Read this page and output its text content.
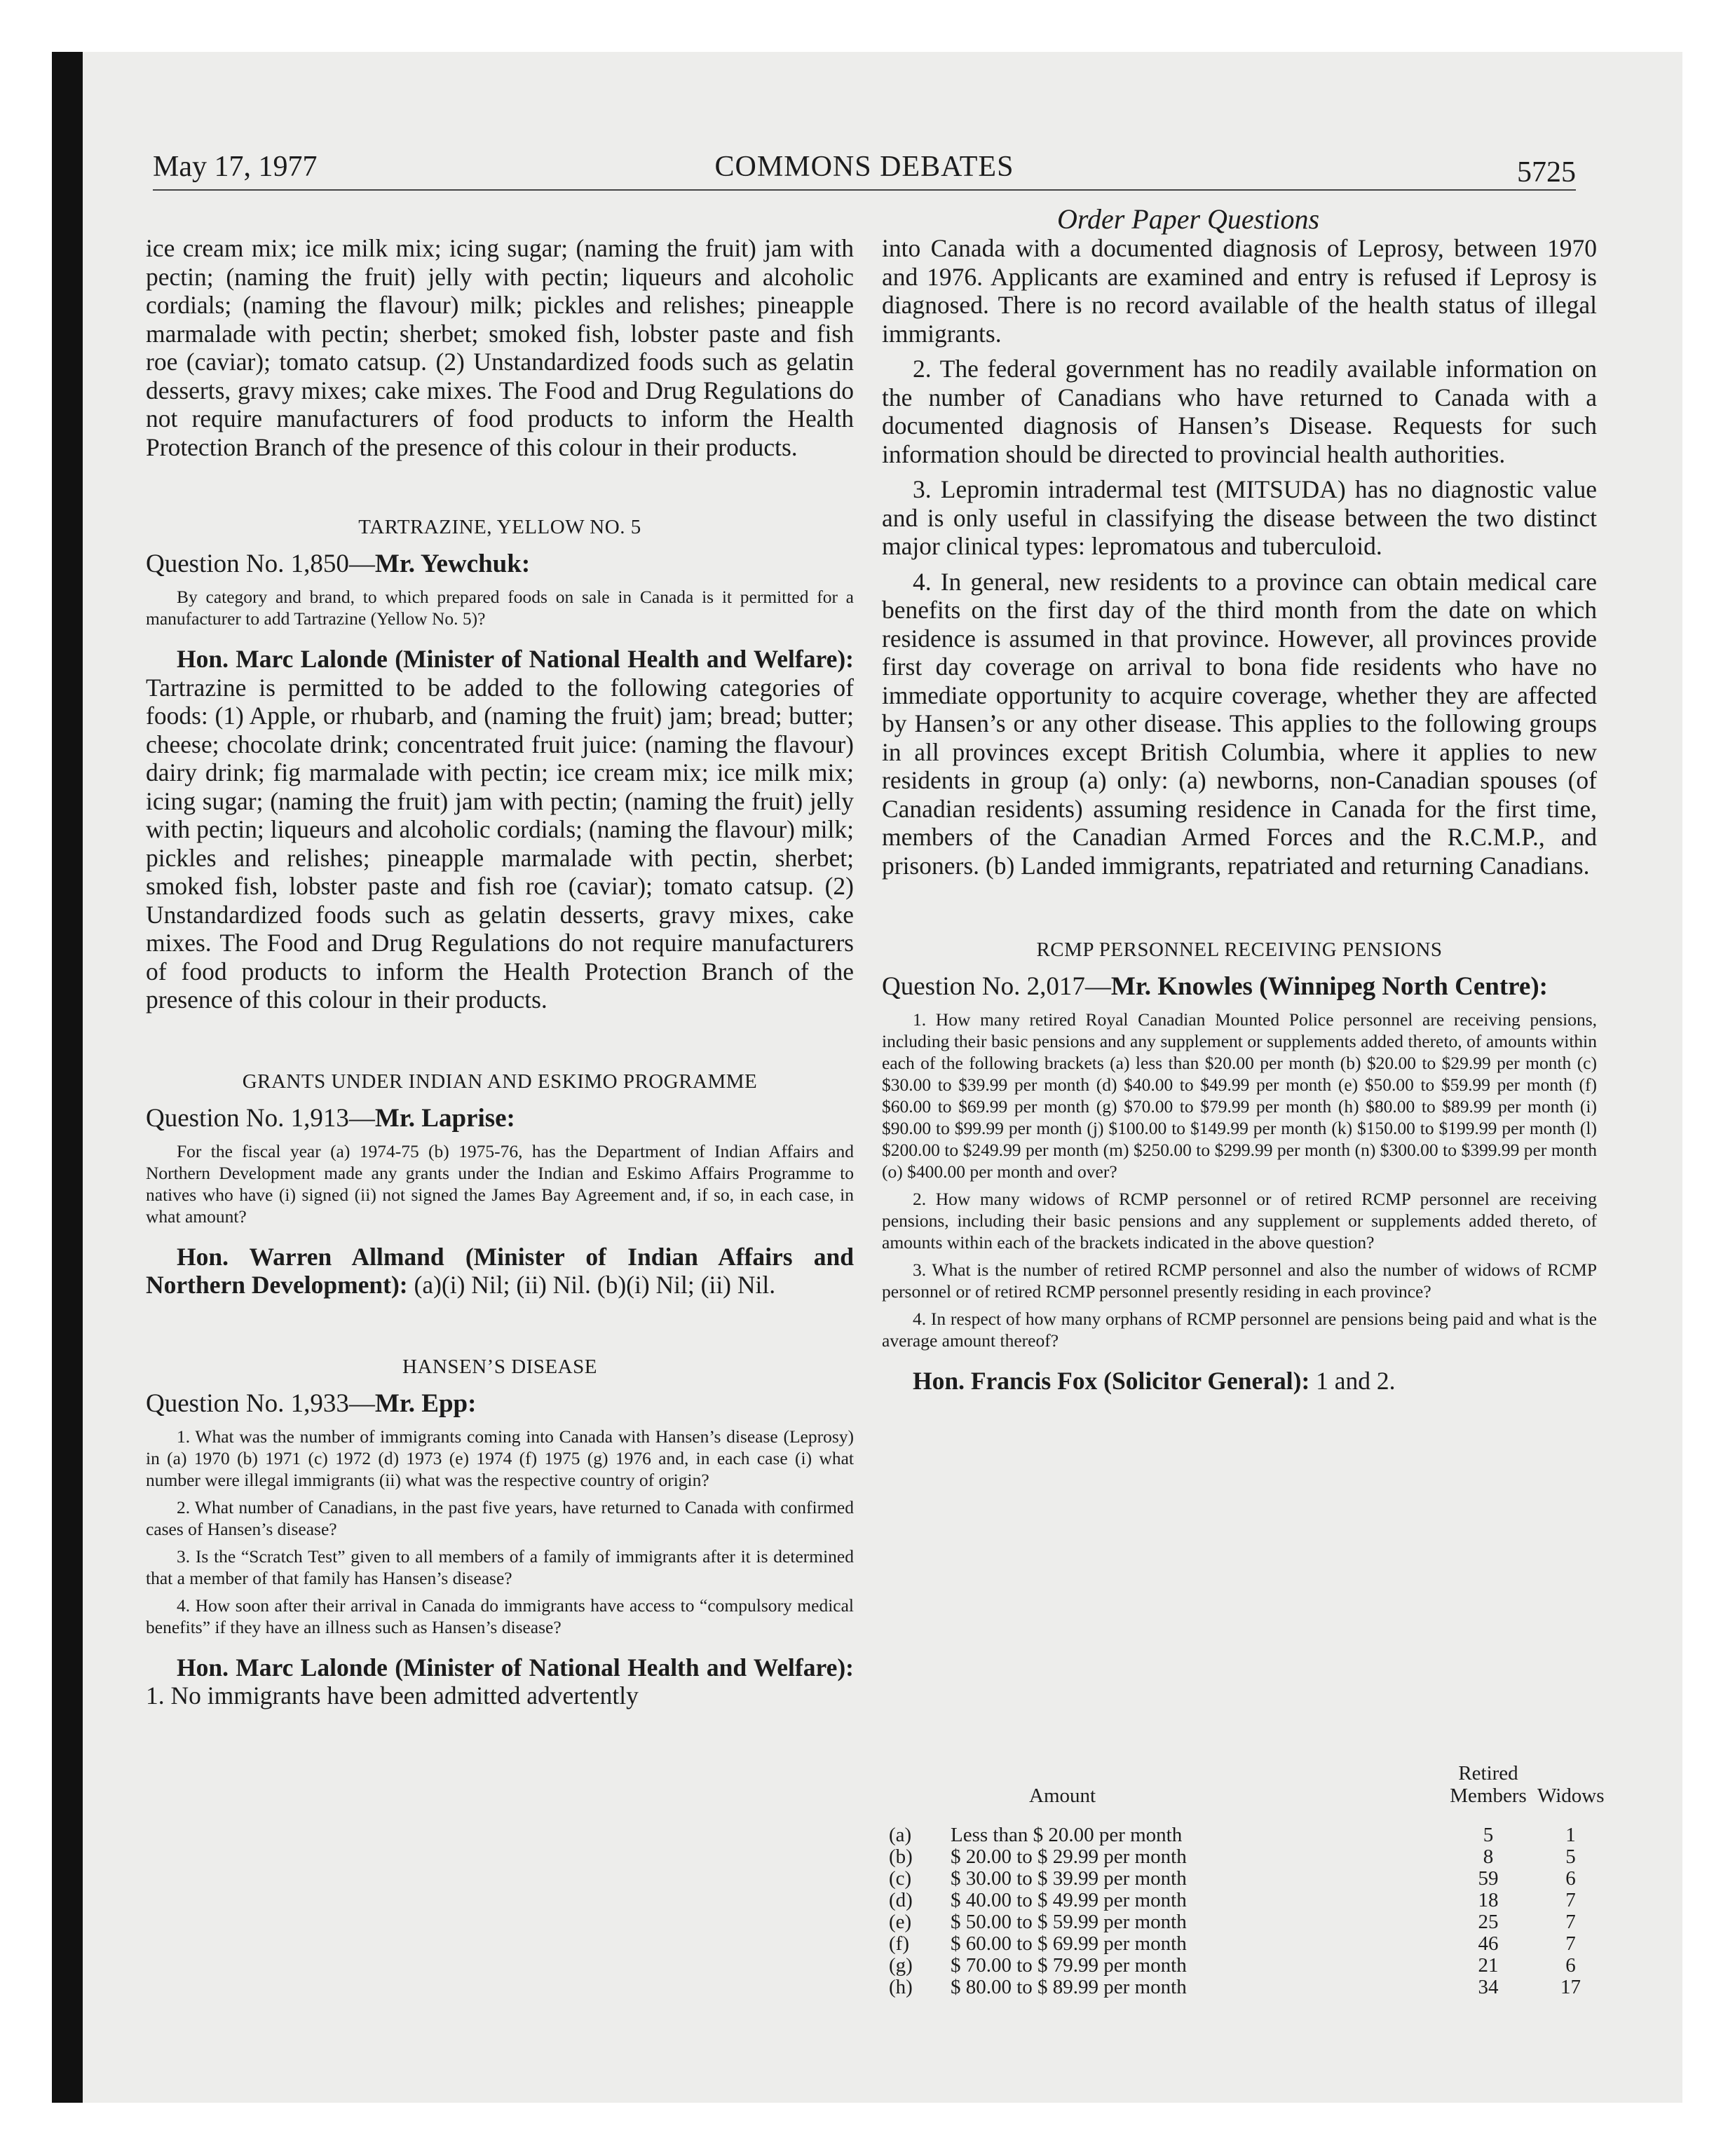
May 17, 1977	COMMONS DEBATES	5725
Order Paper Questions

ice cream mix; ice milk mix; icing sugar; (naming the fruit) jam with pectin; (naming the fruit) jelly with pectin; liqueurs and alcoholic cordials; (naming the flavour) milk; pickles and relishes; pineapple marmalade with pectin; sherbet; smoked fish, lobster paste and fish roe (caviar); tomato catsup. (2) Unstandardized foods such as gelatin desserts, gravy mixes; cake mixes. The Food and Drug Regulations do not require manufacturers of food products to inform the Health Protection Branch of the presence of this colour in their products.

TARTRAZINE, YELLOW NO. 5

Question No. 1,850—Mr. Yewchuk:

By category and brand, to which prepared foods on sale in Canada is it permitted for a manufacturer to add Tartrazine (Yellow No. 5)?

Hon. Marc Lalonde (Minister of National Health and Welfare): Tartrazine is permitted to be added to the following categories of foods: (1) Apple, or rhubarb, and (naming the fruit) jam; bread; butter; cheese; chocolate drink; concentrated fruit juice: (naming the flavour) dairy drink; fig marmalade with pectin; ice cream mix; ice milk mix; icing sugar; (naming the fruit) jam with pectin; (naming the fruit) jelly with pectin; liqueurs and alcoholic cordials; (naming the flavour) milk; pickles and relishes; pineapple marmalade with pectin, sherbet; smoked fish, lobster paste and fish roe (caviar); tomato catsup. (2) Unstandardized foods such as gelatin desserts, gravy mixes, cake mixes. The Food and Drug Regulations do not require manufacturers of food products to inform the Health Protection Branch of the presence of this colour in their products.

GRANTS UNDER INDIAN AND ESKIMO PROGRAMME

Question No. 1,913—Mr. Laprise:

For the fiscal year (a) 1974-75 (b) 1975-76, has the Department of Indian Affairs and Northern Development made any grants under the Indian and Eskimo Affairs Programme to natives who have (i) signed (ii) not signed the James Bay Agreement and, if so, in each case, in what amount?

Hon. Warren Allmand (Minister of Indian Affairs and Northern Development): (a)(i) Nil; (ii) Nil. (b)(i) Nil; (ii) Nil.

HANSEN’S DISEASE

Question No. 1,933—Mr. Epp:

1. What was the number of immigrants coming into Canada with Hansen’s disease (Leprosy) in (a) 1970 (b) 1971 (c) 1972 (d) 1973 (e) 1974 (f) 1975 (g) 1976 and, in each case (i) what number were illegal immigrants (ii) what was the respective country of origin?

2. What number of Canadians, in the past five years, have returned to Canada with confirmed cases of Hansen’s disease?

3. Is the “Scratch Test” given to all members of a family of immigrants after it is determined that a member of that family has Hansen’s disease?

4. How soon after their arrival in Canada do immigrants have access to “compulsory medical benefits” if they have an illness such as Hansen’s disease?

Hon. Marc Lalonde (Minister of National Health and Welfare): 1. No immigrants have been admitted advertently

into Canada with a documented diagnosis of Leprosy, between 1970 and 1976. Applicants are examined and entry is refused if Leprosy is diagnosed. There is no record available of the health status of illegal immigrants.

2. The federal government has no readily available information on the number of Canadians who have returned to Canada with a documented diagnosis of Hansen’s Disease. Requests for such information should be directed to provincial health authorities.

3. Lepromin intradermal test (MITSUDA) has no diagnostic value and is only useful in classifying the disease between the two distinct major clinical types: lepromatous and tuberculoid.

4. In general, new residents to a province can obtain medical care benefits on the first day of the third month from the date on which residence is assumed in that province. However, all provinces provide first day coverage on arrival to bona fide residents who have no immediate opportunity to acquire coverage, whether they are affected by Hansen’s or any other disease. This applies to the following groups in all provinces except British Columbia, where it applies to new residents in group (a) only: (a) newborns, non-Canadian spouses (of Canadian residents) assuming residence in Canada for the first time, members of the Canadian Armed Forces and the R.C.M.P., and prisoners. (b) Landed immigrants, repatriated and returning Canadians.

RCMP PERSONNEL RECEIVING PENSIONS

Question No. 2,017—Mr. Knowles (Winnipeg North Centre):

1. How many retired Royal Canadian Mounted Police personnel are receiving pensions, including their basic pensions and any supplement or supplements added thereto, of amounts within each of the following brackets (a) less than $20.00 per month (b) $20.00 to $29.99 per month (c) $30.00 to $39.99 per month (d) $40.00 to $49.99 per month (e) $50.00 to $59.99 per month (f) $60.00 to $69.99 per month (g) $70.00 to $79.99 per month (h) $80.00 to $89.99 per month (i) $90.00 to $99.99 per month (j) $100.00 to $149.99 per month (k) $150.00 to $199.99 per month (l) $200.00 to $249.99 per month (m) $250.00 to $299.99 per month (n) $300.00 to $399.99 per month (o) $400.00 per month and over?

2. How many widows of RCMP personnel or of retired RCMP personnel are receiving pensions, including their basic pensions and any supplement or supplements added thereto, of amounts within each of the brackets indicated in the above question?

3. What is the number of retired RCMP personnel and also the number of widows of RCMP personnel or of retired RCMP personnel presently residing in each province?

4. In respect of how many orphans of RCMP personnel are pensions being paid and what is the average amount thereof?

Hon. Francis Fox (Solicitor General): 1 and 2.

Amount
Retired
Members Widows
(a)	Less than $ 20.00 per month	5	1
(b)	$ 20.00 to $ 29.99 per month	8	5
(c)	$ 30.00 to $ 39.99 per month	59	6
(d)	$ 40.00 to $ 49.99 per month	18	7
(e)	$ 50.00 to $ 59.99 per month	25	7
(f)	$ 60.00 to $ 69.99 per month	46	7
(g)	$ 70.00 to $ 79.99 per month	21	6
(h)	$ 80.00 to $ 89.99 per month	34	17
